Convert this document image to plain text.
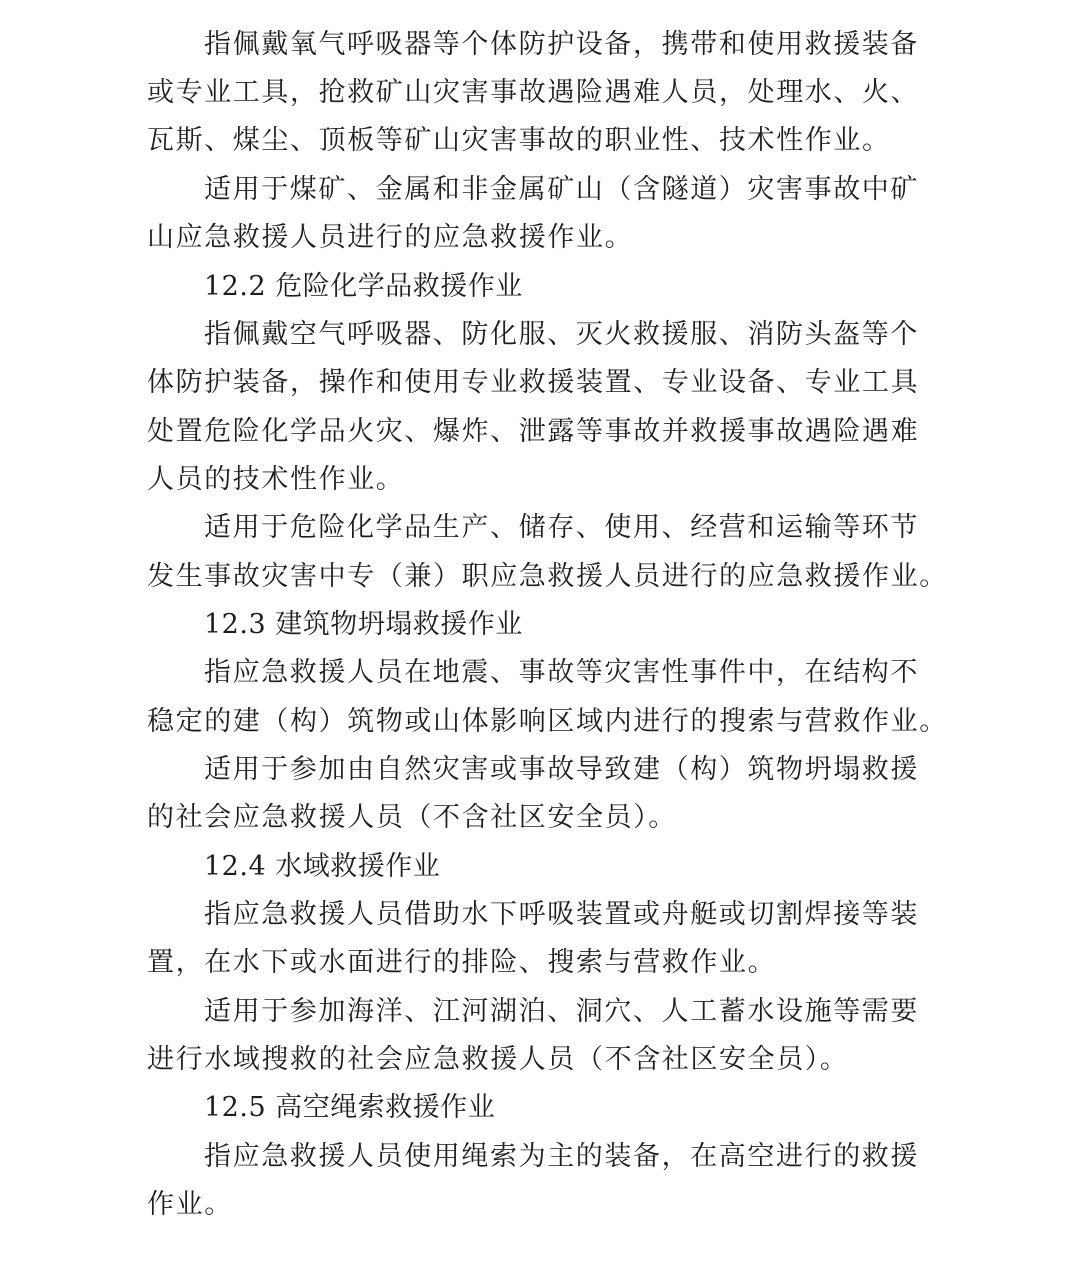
指佩戴氧气呼吸器等个体防护设备，携带和使用救援装备
或专业工具，抢救矿山灾害事故遇险遇难人员，处理水、火、
瓦斯、煤尘、顶板等矿山灾害事故的职业性、技术性作业。
适用于煤矿、金属和非金属矿山（含隧道）灾害事故中矿
山应急救援人员进行的应急救援作业。
12.2 危险化学品救援作业
指佩戴空气呼吸器、防化服、灭火救援服、消防头盔等个
体防护装备，操作和使用专业救援装置、专业设备、专业工具
处置危险化学品火灾、爆炸、泄露等事故并救援事故遇险遇难
人员的技术性作业。
适用于危险化学品生产、储存、使用、经营和运输等环节
发生事故灾害中专（兼）职应急救援人员进行的应急救援作业。
12.3 建筑物坍塌救援作业
指应急救援人员在地震、事故等灾害性事件中，在结构不
稳定的建（构）筑物或山体影响区域内进行的搜索与营救作业。
适用于参加由自然灾害或事故导致建（构）筑物坍塌救援
的社会应急救援人员（不含社区安全员）。
12.4 水域救援作业
指应急救援人员借助水下呼吸装置或舟艇或切割焊接等装
置，在水下或水面进行的排险、搜索与营救作业。
适用于参加海洋、江河湖泊、洞穴、人工蓄水设施等需要
进行水域搜救的社会应急救援人员（不含社区安全员）。
12.5 高空绳索救援作业
指应急救援人员使用绳索为主的装备，在高空进行的救援
作业。
